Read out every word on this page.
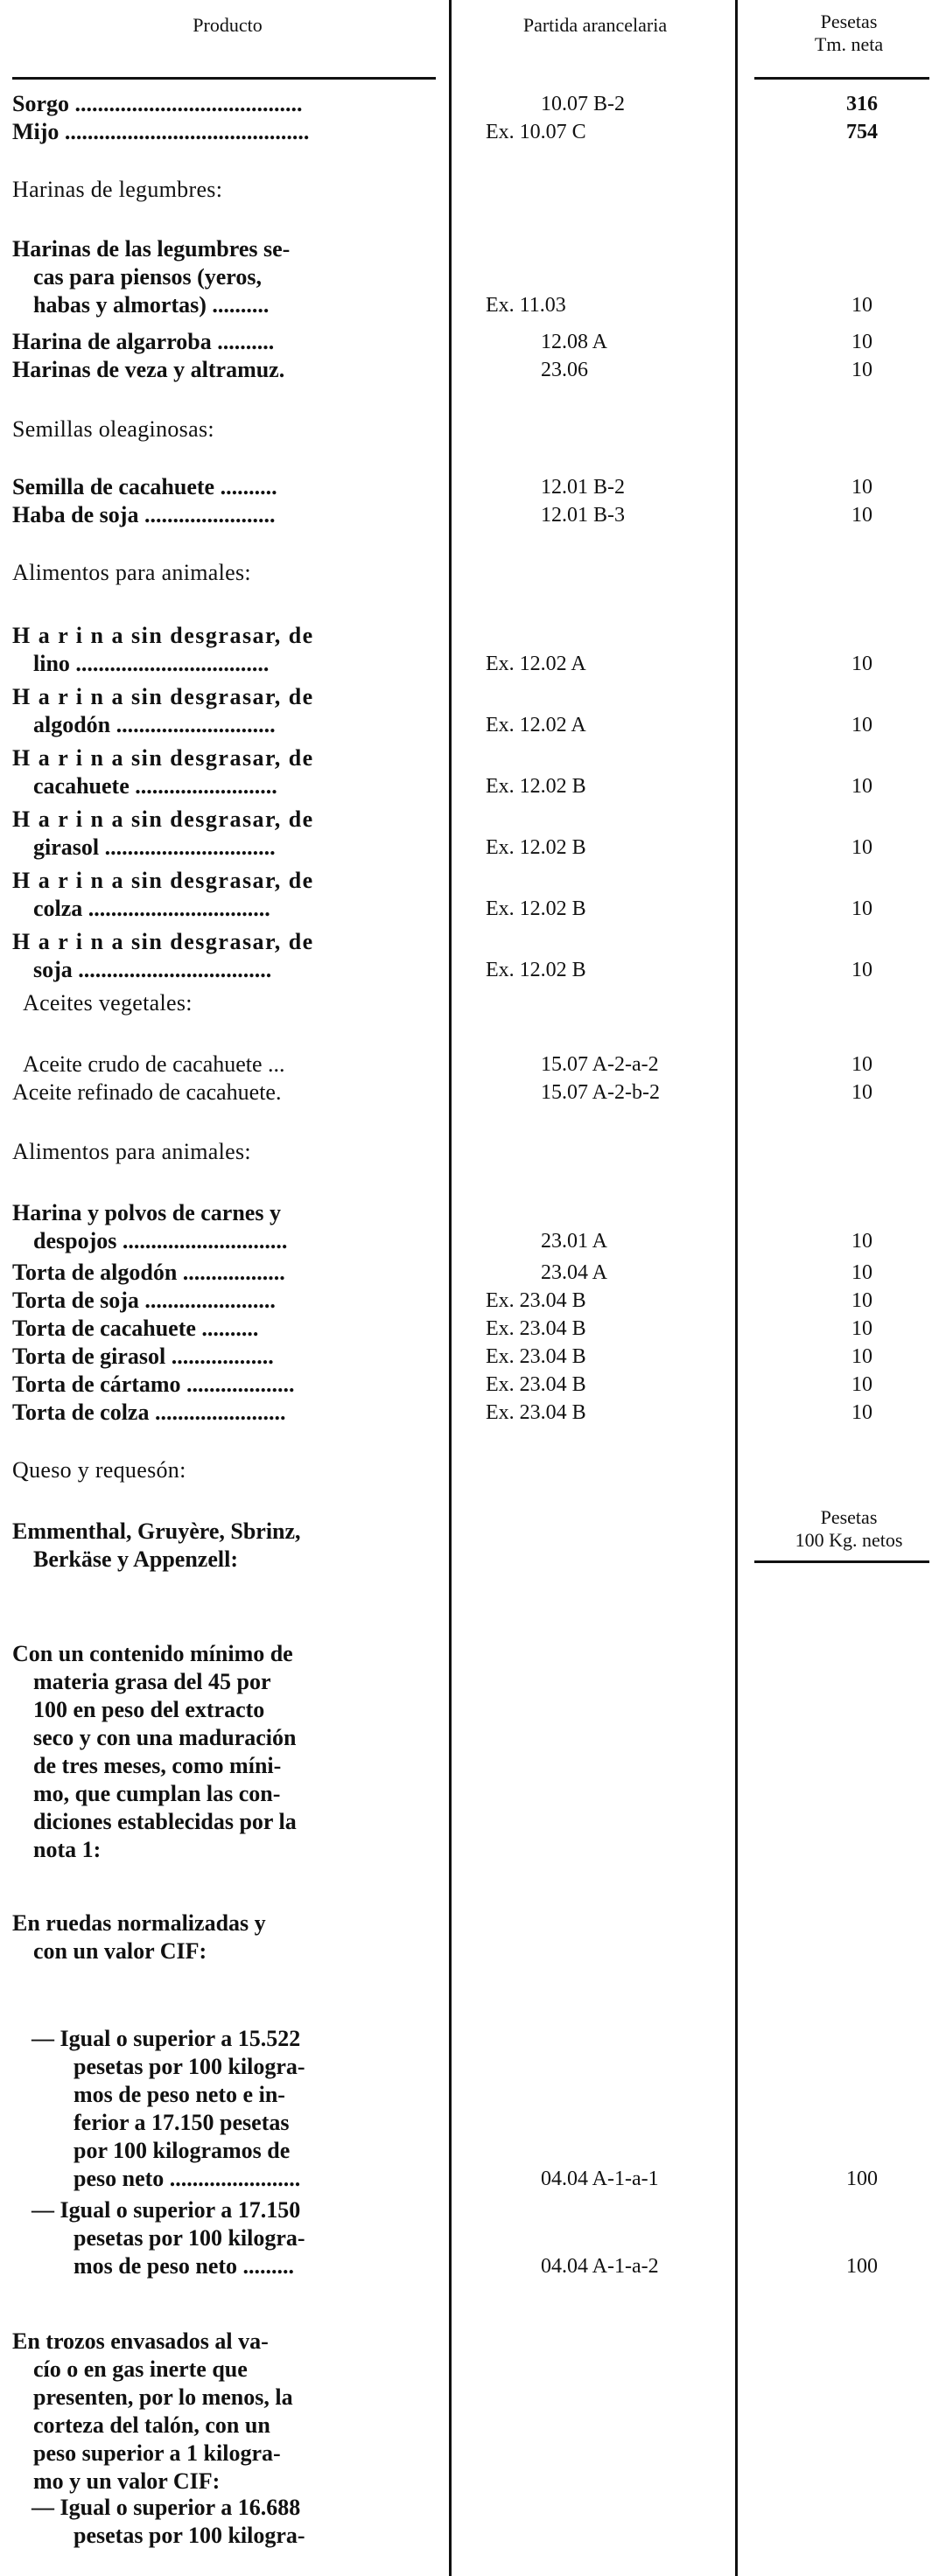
Producto	Partida arancelaria	Pesetas
Tm. neta
Pesetas
100 Kg. netos
Sorgo ........................................	10.07 B-2	316
Mijo ...........................................	Ex. 10.07 C	754
Harinas de legumbres:
Harinas de las legumbres se-
cas para piensos (yeros,
habas y almortas) ..........	Ex. 11.03	10
Harina de algarroba ..........	12.08 A	10
Harinas de veza y altramuz.	23.06	10
Semillas oleaginosas:
Semilla de cacahuete ..........	12.01 B-2	10
Haba de soja .......................	12.01 B-3	10
Alimentos para animales:
H a r i n a sin desgrasar, de
lino ..................................	Ex. 12.02 A	10
H a r i n a sin desgrasar, de
algodón ............................	Ex. 12.02 A	10
H a r i n a sin desgrasar, de
cacahuete .........................	Ex. 12.02 B	10
H a r i n a sin desgrasar, de
girasol ..............................	Ex. 12.02 B	10
H a r i n a sin desgrasar, de
colza ................................	Ex. 12.02 B	10
H a r i n a sin desgrasar, de
soja ..................................	Ex. 12.02 B	10
Aceites vegetales:
Aceite crudo de cacahuete ...	15.07 A-2-a-2	10
Aceite refinado de cacahuete.	15.07 A-2-b-2	10
Alimentos para animales:
Harina y polvos de carnes y
despojos .............................	23.01 A	10
Torta de algodón ..................	23.04 A	10
Torta de soja .......................	Ex. 23.04 B	10
Torta de cacahuete ..........	Ex. 23.04 B	10
Torta de girasol ..................	Ex. 23.04 B	10
Torta de cártamo ...................	Ex. 23.04 B	10
Torta de colza .......................	Ex. 23.04 B	10
Queso y requesón:
Emmenthal, Gruyère, Sbrinz,
Berkäse y Appenzell:
Con un contenido mínimo de
materia grasa del 45 por
100 en peso del extracto
seco y con una maduración
de tres meses, como míni-
mo, que cumplan las con-
diciones establecidas por la
nota 1:
En ruedas normalizadas y
con un valor CIF:
— Igual o superior a 15.522
pesetas por 100 kilogra-
mos de peso neto e in-
ferior a 17.150 pesetas
por 100 kilogramos de
peso neto .......................	04.04 A-1-a-1	100
— Igual o superior a 17.150
pesetas por 100 kilogra-
mos de peso neto .........	04.04 A-1-a-2	100
En trozos envasados al va-
cío o en gas inerte que
presenten, por lo menos, la
corteza del talón, con un
peso superior a 1 kilogra-
mo y un valor CIF:
— Igual o superior a 16.688
pesetas por 100 kilogra-
